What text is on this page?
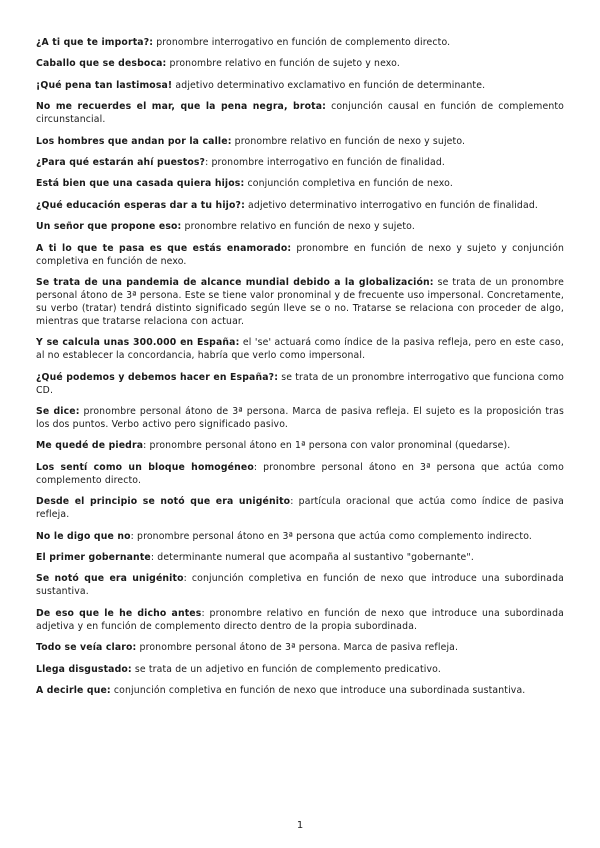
¿A ti que te importa?: pronombre interrogativo en función de complemento directo.

Caballo que se desboca: pronombre relativo en función de sujeto y nexo.

¡Qué pena tan lastimosa! adjetivo determinativo exclamativo en función de determinante.

No me recuerdes el mar, que la pena negra, brota: conjunción causal en función de complemento circunstancial.

Los hombres que andan por la calle: pronombre relativo en función de nexo y sujeto.

¿Para qué estarán ahí puestos?: pronombre interrogativo en función de finalidad.

Está bien que una casada quiera hijos: conjunción completiva en función de nexo.

¿Qué educación esperas dar a tu hijo?: adjetivo determinativo interrogativo en función de finalidad.

Un señor que propone eso: pronombre relativo en función de nexo y sujeto.

A ti lo que te pasa es que estás enamorado: pronombre en función de nexo y sujeto y conjunción completiva en función de nexo.

Se trata de una pandemia de alcance mundial debido a la globalización: se trata de un pronombre personal átono de 3ª persona. Este se tiene valor pronominal y de frecuente uso impersonal. Concretamente, su verbo (tratar) tendrá distinto significado según lleve se o no. Tratarse se relaciona con proceder de algo, mientras que tratarse relaciona con actuar.

Y se calcula unas 300.000 en España: el 'se' actuará como índice de la pasiva refleja, pero en este caso, al no establecer la concordancia, habría que verlo como impersonal.

¿Qué podemos y debemos hacer en España?: se trata de un pronombre interrogativo que funciona como CD.

Se dice: pronombre personal átono de 3ª persona. Marca de pasiva refleja. El sujeto es la proposición tras los dos puntos. Verbo activo pero significado pasivo.

Me quedé de piedra: pronombre personal átono en 1ª persona con valor pronominal (quedarse).

Los sentí como un bloque homogéneo: pronombre personal átono en 3ª persona que actúa como complemento directo.

Desde el principio se notó que era unigénito: partícula oracional que actúa como índice de pasiva refleja.

No le digo que no: pronombre personal átono en 3ª persona que actúa como complemento indirecto.

El primer gobernante: determinante numeral que acompaña al sustantivo "gobernante".

Se notó que era unigénito: conjunción completiva en función de nexo que introduce una subordinada sustantiva.

De eso que le he dicho antes: pronombre relativo en función de nexo que introduce una subordinada adjetiva y en función de complemento directo dentro de la propia subordinada.

Todo se veía claro: pronombre personal átono de 3ª persona. Marca de pasiva refleja.

Llega disgustado: se trata de un adjetivo en función de complemento predicativo.

A decirle que: conjunción completiva en función de nexo que introduce una subordinada sustantiva.

1
